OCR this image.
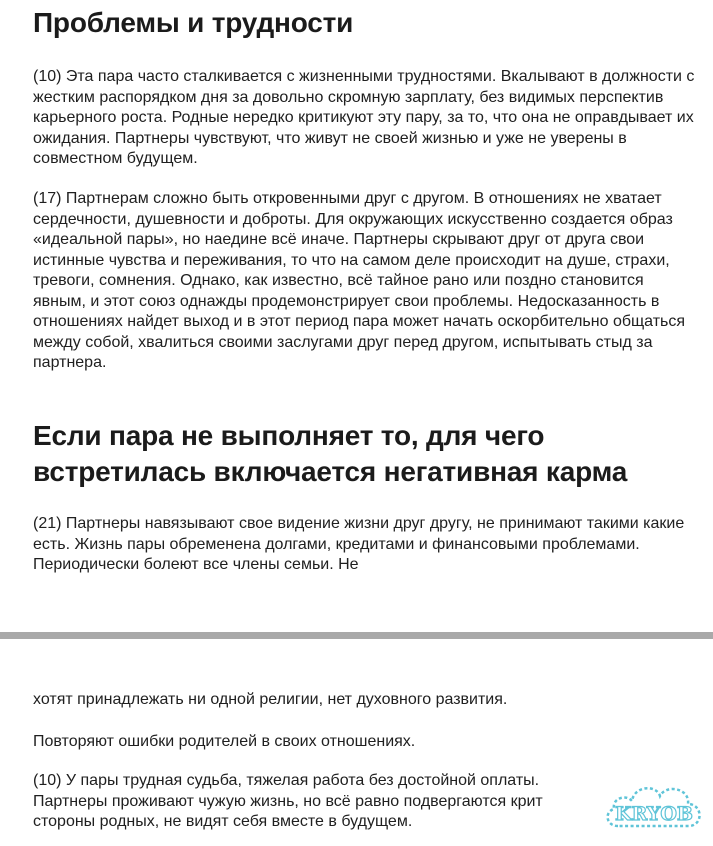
Проблемы и трудности

(10) Эта пара часто сталкивается с жизненными трудностями. Вкалывают в должности с жестким распорядком дня за довольно скромную зарплату, без видимых перспектив карьерного роста. Родные нередко критикуют эту пару, за то, что она не оправдывает их ожидания. Партнеры чувствуют, что живут не своей жизнью и уже не уверены в совместном будущем.

(17) Партнерам сложно быть откровенными друг с другом. В отношениях не хватает сердечности, душевности и доброты. Для окружающих искусственно создается образ «идеальной пары», но наедине всё иначе. Партнеры скрывают друг от друга свои истинные чувства и переживания, то что на самом деле происходит на душе, страхи, тревоги, сомнения. Однако, как известно, всё тайное рано или поздно становится явным, и этот союз однажды продемонстрирует свои проблемы. Недосказанность в отношениях найдет выход и в этот период пара может начать оскорбительно общаться между собой, хвалиться своими заслугами друг перед другом, испытывать стыд за партнера.

Если пара не выполняет то, для чего встретилась включается негативная карма

(21) Партнеры навязывают свое видение жизни друг другу, не принимают такими какие есть. Жизнь пары обременена долгами, кредитами и финансовыми проблемами. Периодически болеют все члены семьи. Не

хотят принадлежать ни одной религии, нет духовного развития.

Повторяют ошибки родителей в своих отношениях.

(10) У пары трудная судьба, тяжелая работа без достойной оплаты. Партнеры проживают чужую жизнь, но всё равно подвергаются крит стороны родных, не видят себя вместе в будущем.	KRYOB
